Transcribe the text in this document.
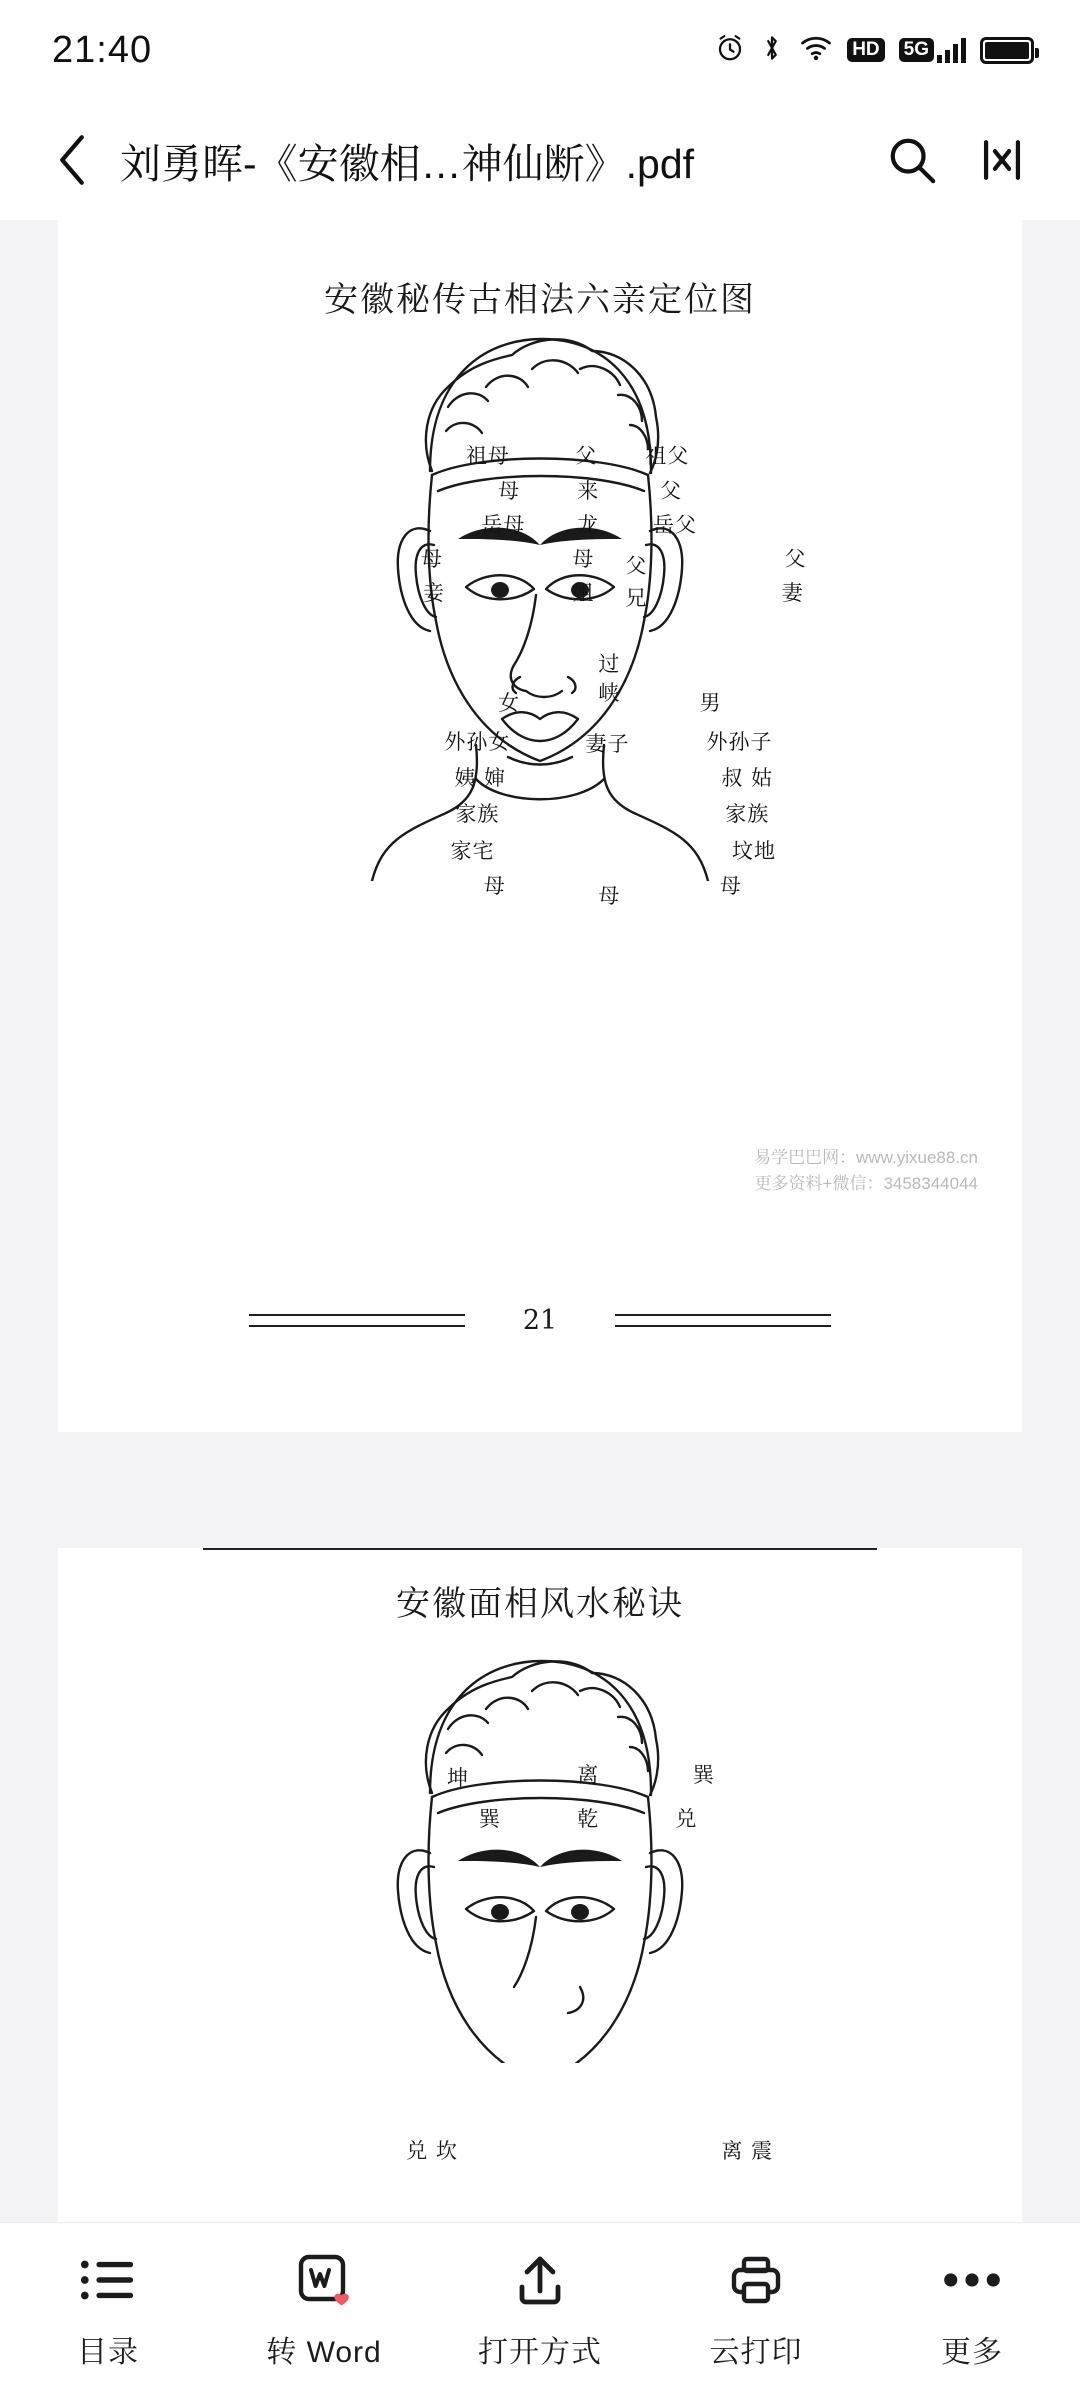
21:40	HD 5G
刘勇晖-《安徽相…神仙断》.pdf
安徽秘传古相法六亲定位图
祖母	父 祖父
母	来	父
岳母 龙	岳父
母	母 父	父
妾	姐 兄	妻
过
峡
女	男
外孙女	妻子	外孙子
姨 婶	叔 姑
家族	家族
家宅	坟地
母	母	母
易学巴巴网：www.yixue88.cn
更多资料+微信：3458344044
21
安徽面相风水秘诀
坤	离	巽
巽	乾	兑
兑 坎	离 震
目录	转 Word	打开方式	云打印	更多
